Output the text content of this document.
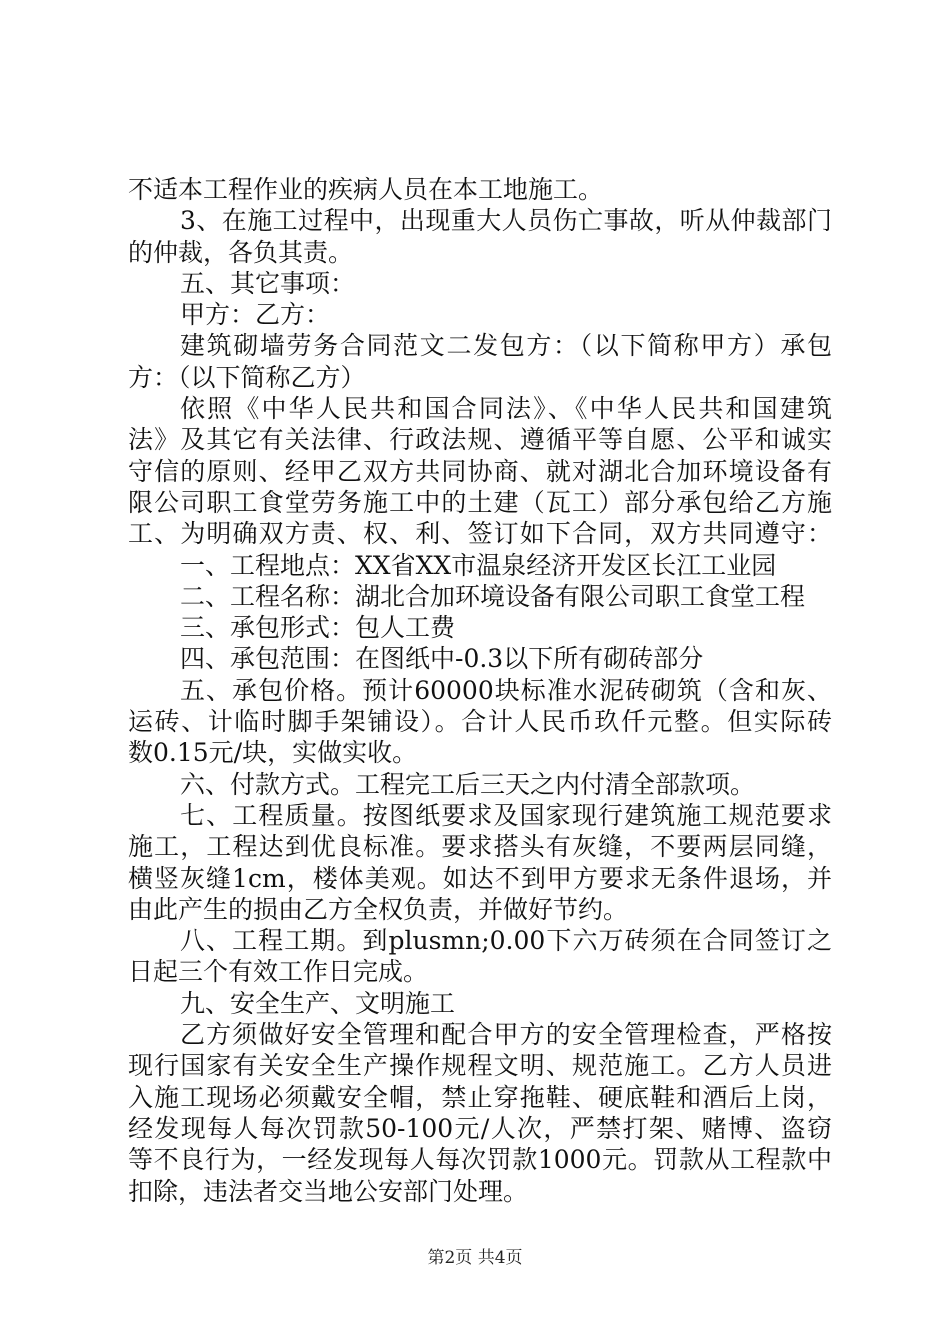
不适本工程作业的疾病人员在本工地施工。
3、在施工过程中，出现重大人员伤亡事故，听从仲裁部门
的仲裁，各负其责。
五、其它事项：
甲方：乙方：
建筑砌墙劳务合同范文二发包方：（以下简称甲方）承包
方：（以下简称乙方）
依照《中华人民共和国合同法》、《中华人民共和国建筑
法》及其它有关法律、行政法规、遵循平等自愿、公平和诚实
守信的原则、经甲乙双方共同协商、就对湖北合加环境设备有
限公司职工食堂劳务施工中的土建（瓦工）部分承包给乙方施
工、为明确双方责、权、利、签订如下合同，双方共同遵守：
一、工程地点：XX省XX市温泉经济开发区长江工业园
二、工程名称：湖北合加环境设备有限公司职工食堂工程
三、承包形式：包人工费
四、承包范围：在图纸中-0.3以下所有砌砖部分
五、承包价格。预计60000块标准水泥砖砌筑（含和灰、
运砖、计临时脚手架铺设）。合计人民币玖仟元整。但实际砖
数0.15元/块，实做实收。
六、付款方式。工程完工后三天之内付清全部款项。
七、工程质量。按图纸要求及国家现行建筑施工规范要求
施工，工程达到优良标准。要求搭头有灰缝，不要两层同缝，
横竖灰缝1cm，楼体美观。如达不到甲方要求无条件退场，并
由此产生的损由乙方全权负责，并做好节约。
八、工程工期。到plusmn;0.00下六万砖须在合同签订之
日起三个有效工作日完成。
九、安全生产、文明施工
乙方须做好安全管理和配合甲方的安全管理检查，严格按
现行国家有关安全生产操作规程文明、规范施工。乙方人员进
入施工现场必须戴安全帽，禁止穿拖鞋、硬底鞋和酒后上岗，
经发现每人每次罚款50-100元/人次，严禁打架、赌博、盗窃
等不良行为，一经发现每人每次罚款1000元。罚款从工程款中
扣除，违法者交当地公安部门处理。
第2页 共4页
